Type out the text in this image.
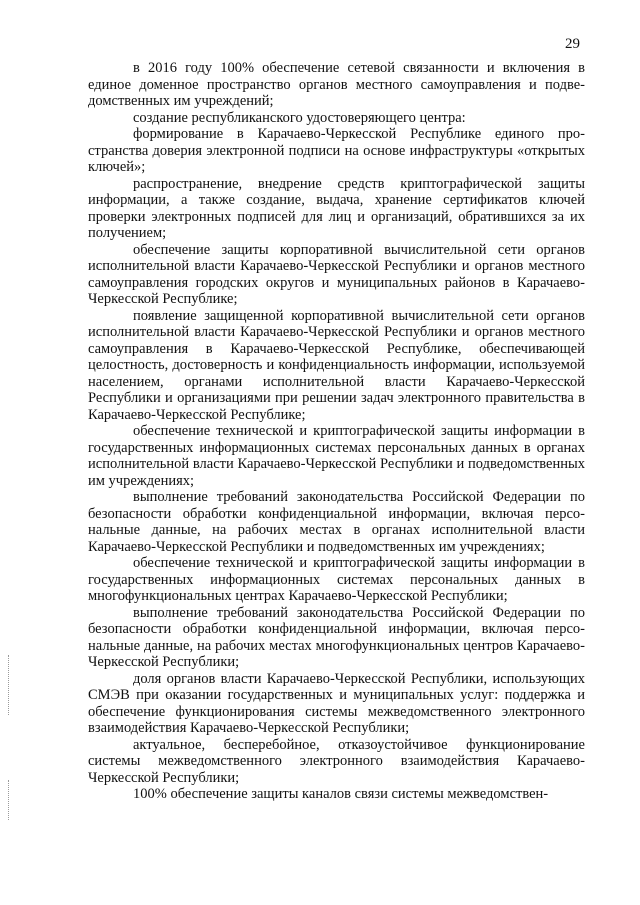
29

в 2016 году 100% обеспечение сетевой связанности и включения в единое доменное пространство органов местного самоуправления и подведомственных им учреждений;

создание республиканского удостоверяющего центра:

формирование в Карачаево-Черкесской Республике единого пространства доверия электронной подписи на основе инфраструктуры «открытых ключей»;

распространение, внедрение средств криптографической защиты информации, а также создание, выдача, хранение сертификатов ключей проверки электронных подписей для лиц и организаций, обратившихся за их получением;

обеспечение защиты корпоративной вычислительной сети органов исполнительной власти Карачаево-Черкесской Республики и органов местного самоуправления городских округов и муниципальных районов в Карачаево-Черкесской Республике;

появление защищенной корпоративной вычислительной сети органов исполнительной власти Карачаево-Черкесской Республики и органов местного самоуправления в Карачаево-Черкесской Республике, обеспечивающей целостность, достоверность и конфиденциальность информации, используемой населением, органами исполнительной власти Карачаево-Черкесской Республики и организациями при решении задач электронного правительства в Карачаево-Черкесской Республике;

обеспечение технической и криптографической защиты информации в государственных информационных системах персональных данных в органах исполнительной власти Карачаево-Черкесской Республики и подведомственных им учреждениях;

выполнение требований законодательства Российской Федерации по безопасности обработки конфиденциальной информации, включая персональные данные, на рабочих местах в органах исполнительной власти Карачаево-Черкесской Республики и подведомственных им учреждениях;

обеспечение технической и криптографической защиты информации в государственных информационных системах персональных данных в многофункциональных центрах Карачаево-Черкесской Республики;

выполнение требований законодательства Российской Федерации по безопасности обработки конфиденциальной информации, включая персональные данные, на рабочих местах многофункциональных центров Карачаево-Черкесской Республики;

доля органов власти Карачаево-Черкесской Республики, использующих СМЭВ при оказании государственных и муниципальных услуг: поддержка и обеспечение функционирования системы межведомственного электронного взаимодействия Карачаево-Черкесской Республики;

актуальное, бесперебойное, отказоустойчивое функционирование системы межведомственного электронного взаимодействия Карачаево-Черкесской Республики;

100% обеспечение защиты каналов связи системы межведомствен-
